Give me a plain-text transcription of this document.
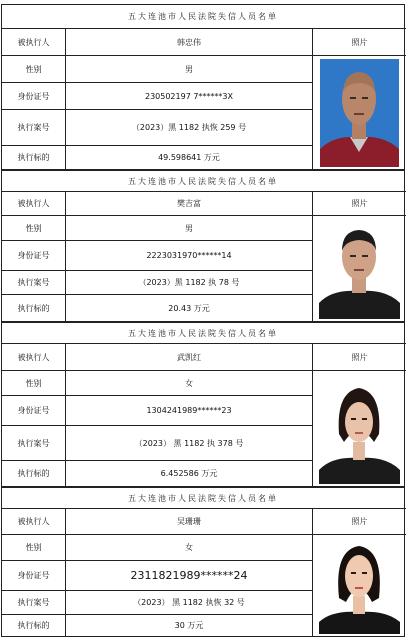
五大连池市人民法院失信人员名单
被执行人	韩忠伟	照片
性别	男
身份证号	230502197 7******3X
执行案号	（2023）黑 1182 执恢 259 号
执行标的	49.598641 万元
五大连池市人民法院失信人员名单
被执行人	樊吉富	照片
性别	男
身份证号	2223031970******14
执行案号	（2023）黑 1182 执 78 号
执行标的	20.43 万元
五大连池市人民法院失信人员名单
被执行人	武凯红	照片
性别	女
身份证号	1304241989******23
执行案号	（2023） 黑 1182 执 378 号
执行标的	6.452586 万元
五大连池市人民法院失信人员名单
被执行人	吴珊珊	照片
性别	女
身份证号	2311821989******24
执行案号	（2023） 黑 1182 执恢 32 号
执行标的	30 万元
